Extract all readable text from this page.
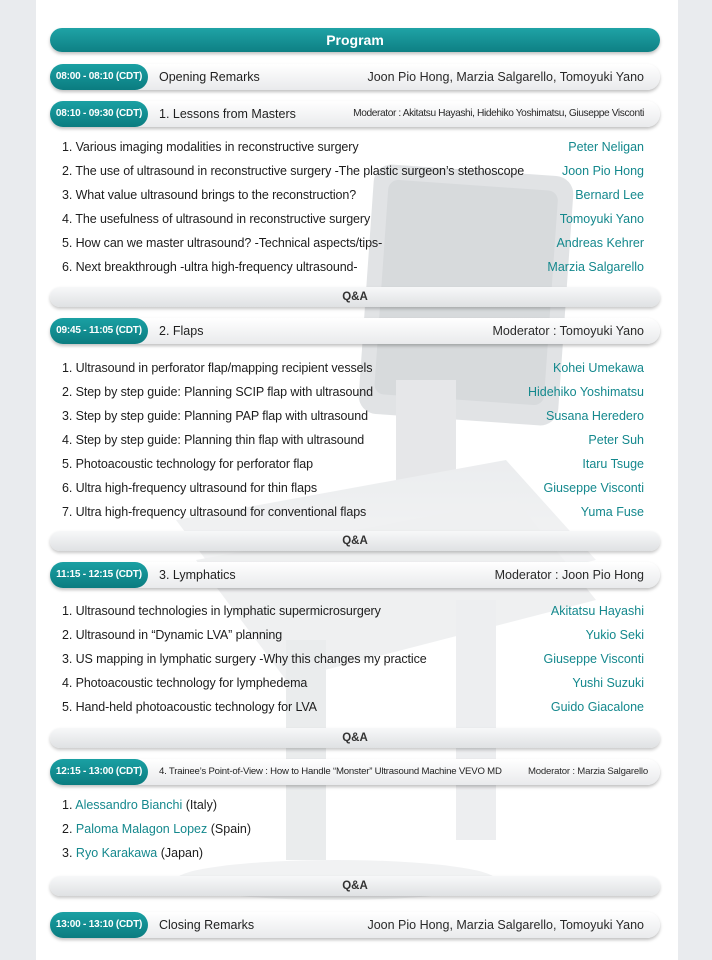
Program
08:00 - 08:10 (CDT)	Opening Remarks	Joon Pio Hong, Marzia Salgarello, Tomoyuki Yano
08:10 - 09:30 (CDT)	1. Lessons from Masters	Moderator : Akitatsu Hayashi, Hidehiko Yoshimatsu, Giuseppe Visconti
1. Various imaging modalities in reconstructive surgery	Peter Neligan
2. The use of ultrasound in reconstructive surgery -The plastic surgeon’s stethoscope	Joon Pio Hong
3. What value ultrasound brings to the reconstruction?	Bernard Lee
4. The usefulness of ultrasound in reconstructive surgery	Tomoyuki Yano
5. How can we master ultrasound? -Technical aspects/tips-	Andreas Kehrer
6. Next breakthrough -ultra high-frequency ultrasound-	Marzia Salgarello
Q&A
09:45 - 11:05 (CDT)	2. Flaps	Moderator : Tomoyuki Yano
1. Ultrasound in perforator flap/mapping recipient vessels	Kohei Umekawa
2. Step by step guide: Planning SCIP flap with ultrasound	Hidehiko Yoshimatsu
3. Step by step guide: Planning PAP flap with ultrasound	Susana Heredero
4. Step by step guide: Planning thin flap with ultrasound	Peter Suh
5. Photoacoustic technology for perforator flap	Itaru Tsuge
6. Ultra high-frequency ultrasound for thin flaps	Giuseppe Visconti
7. Ultra high-frequency ultrasound for conventional flaps	Yuma Fuse
Q&A
11:15 - 12:15 (CDT)	3. Lymphatics	Moderator : Joon Pio Hong
1. Ultrasound technologies in lymphatic supermicrosurgery	Akitatsu Hayashi
2. Ultrasound in “Dynamic LVA” planning	Yukio Seki
3. US mapping in lymphatic surgery -Why this changes my practice	Giuseppe Visconti
4. Photoacoustic technology for lymphedema	Yushi Suzuki
5. Hand-held photoacoustic technology for LVA	Guido Giacalone
Q&A
12:15 - 13:00 (CDT)	4. Trainee’s Point-of-View : How to Handle “Monster” Ultrasound Machine VEVO MD	Moderator : Marzia Salgarello
1. Alessandro Bianchi (Italy)
2. Paloma Malagon Lopez (Spain)
3. Ryo Karakawa (Japan)
Q&A
13:00 - 13:10 (CDT)	Closing Remarks	Joon Pio Hong, Marzia Salgarello, Tomoyuki Yano
